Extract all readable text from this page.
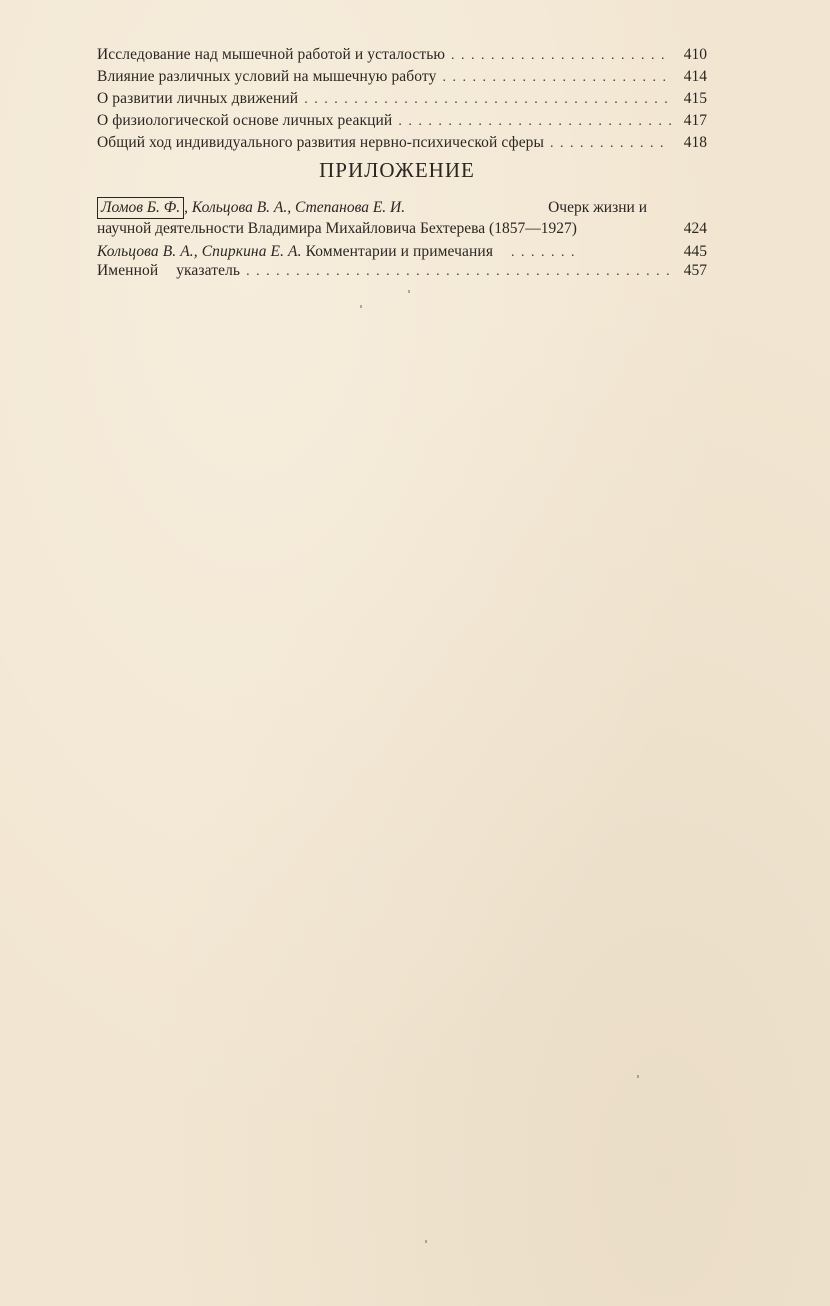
Исследование над мышечной работой и усталостью . . .	410
Влияние различных условий на мышечную работу . . .	414
О развитии личных движений . . .	415
О физиологической основе личных реакций . . .	417
Общий ход индивидуального развития нервно-психической сферы . . .	418
ПРИЛОЖЕНИЕ
Ломов Б. Ф. , Кольцова В. А., Степанова Е. И.	Очерк жизни и
научной деятельности Владимира Михайловича Бехтерева (1857—1927)	424
Кольцова В. А., Спиркина Е. А. Комментарии и примечания . . .	445
Именной указатель . . .	457
